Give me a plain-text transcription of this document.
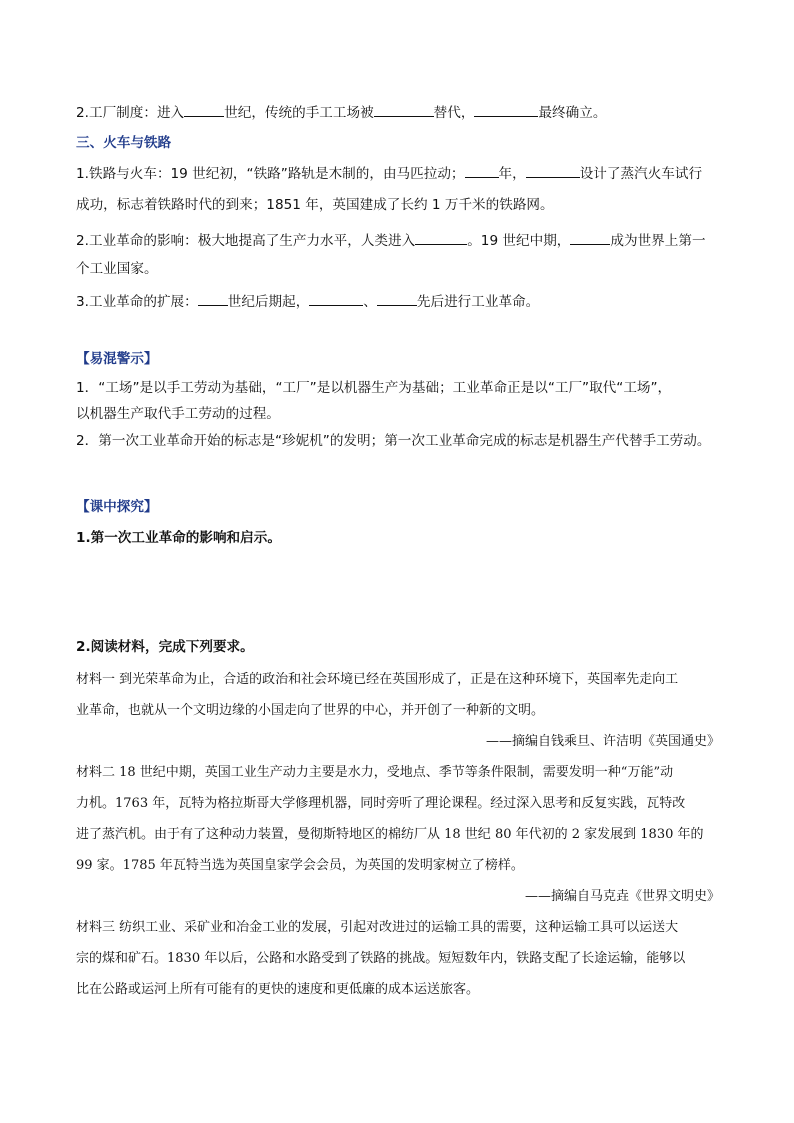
2.工厂制度：进入	世纪，传统的手工工场被	替代，	最终确立。
三、火车与铁路
1.铁路与火车：19 世纪初，“铁路”路轨是木制的，由马匹拉动；	年，	设计了蒸汽火车试行
成功，标志着铁路时代的到来；1851 年，英国建成了长约 1 万千米的铁路网。
2.工业革命的影响：极大地提高了生产力水平，人类进入	。19 世纪中期，	成为世界上第一
个工业国家。
3.工业革命的扩展： 世纪后期起，	、	先后进行工业革命。
【易混警示】
1．“工场”是以手工劳动为基础，“工厂”是以机器生产为基础；工业革命正是以“工厂”取代“工场”，
以机器生产取代手工劳动的过程。
2．第一次工业革命开始的标志是“珍妮机”的发明；第一次工业革命完成的标志是机器生产代替手工劳动。
【课中探究】
1.第一次工业革命的影响和启示。
2.阅读材料，完成下列要求。
材料一 到光荣革命为止，合适的政治和社会环境已经在英国形成了，正是在这种环境下，英国率先走向工
业革命，也就从一个文明边缘的小国走向了世界的中心，并开创了一种新的文明。
——摘编自钱乘旦、许洁明《英国通史》
材料二 18 世纪中期，英国工业生产动力主要是水力，受地点、季节等条件限制，需要发明一种“万能”动
力机。1763 年，瓦特为格拉斯哥大学修理机器，同时旁听了理论课程。经过深入思考和反复实践，瓦特改
进了蒸汽机。由于有了这种动力装置，曼彻斯特地区的棉纺厂从 18 世纪 80 年代初的 2 家发展到 1830 年的
99 家。1785 年瓦特当选为英国皇家学会会员，为英国的发明家树立了榜样。
——摘编自马克垚《世界文明史》
材料三 纺织工业、采矿业和冶金工业的发展，引起对改进过的运输工具的需要，这种运输工具可以运送大
宗的煤和矿石。1830 年以后，公路和水路受到了铁路的挑战。短短数年内，铁路支配了长途运输，能够以
比在公路或运河上所有可能有的更快的速度和更低廉的成本运送旅客。
